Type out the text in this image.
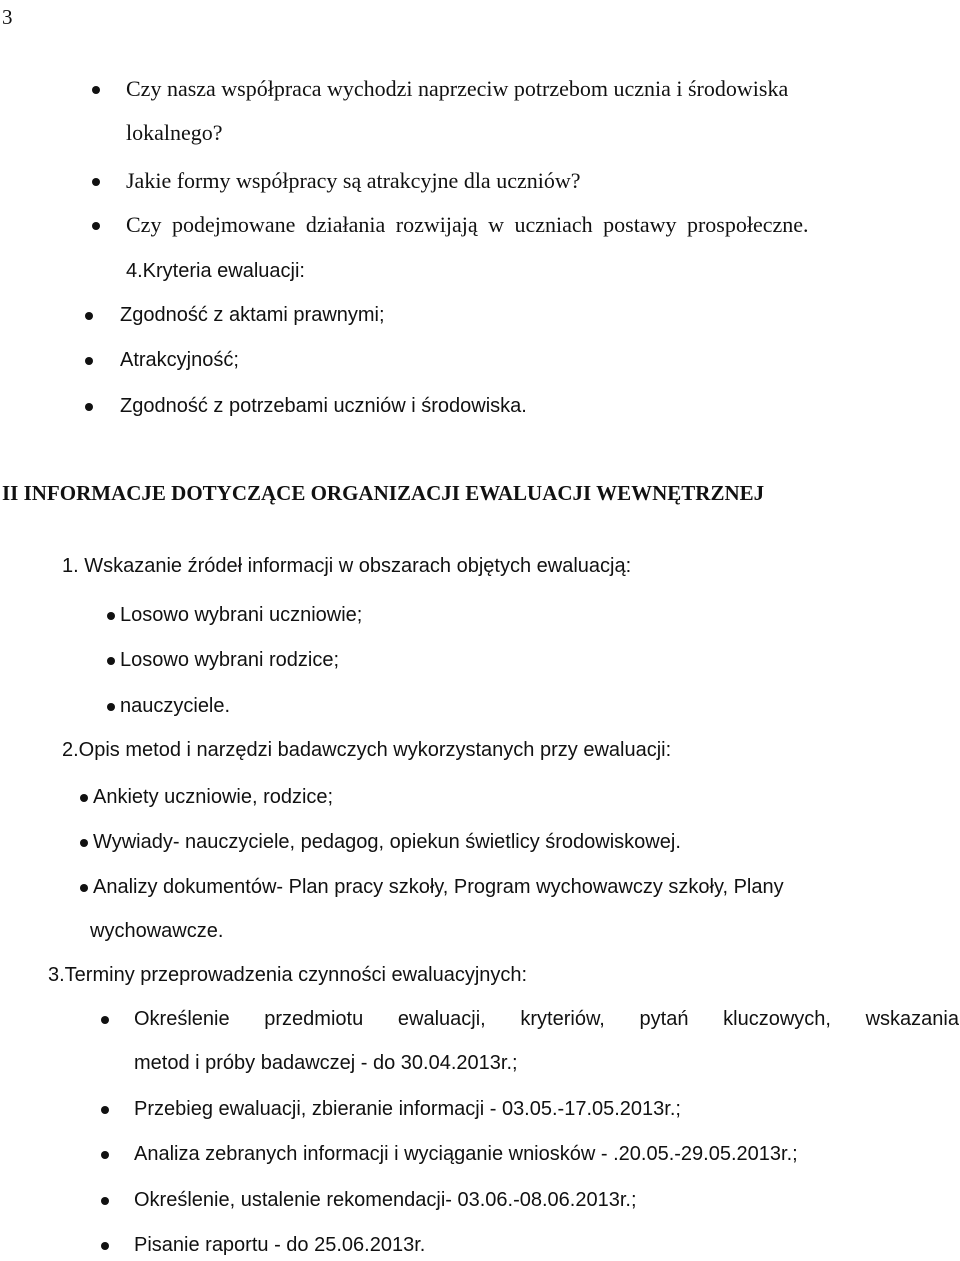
3
Czy nasza współpraca wychodzi naprzeciw potrzebom ucznia i środowiska
lokalnego?
Jakie formy współpracy są atrakcyjne dla uczniów?
Czy podejmowane działania rozwijają w uczniach postawy prospołeczne.
4.Kryteria ewaluacji:
Zgodność z aktami prawnymi;
Atrakcyjność;
Zgodność z potrzebami uczniów i środowiska.
II INFORMACJE DOTYCZĄCE ORGANIZACJI EWALUACJI WEWNĘTRZNEJ
1. Wskazanie źródeł informacji w obszarach objętych ewaluacją:
Losowo wybrani uczniowie;
Losowo wybrani rodzice;
nauczyciele.
2.Opis metod i narzędzi badawczych wykorzystanych przy ewaluacji:
Ankiety uczniowie, rodzice;
Wywiady- nauczyciele, pedagog, opiekun świetlicy środowiskowej.
Analizy dokumentów- Plan pracy szkoły, Program wychowawczy szkoły, Plany
wychowawcze.
3.Terminy przeprowadzenia czynności ewaluacyjnych:
Określenie przedmiotu ewaluacji, kryteriów, pytań kluczowych, wskazania
metod i próby badawczej - do 30.04.2013r.;
Przebieg ewaluacji, zbieranie informacji - 03.05.-17.05.2013r.;
Analiza zebranych informacji i wyciąganie wniosków - .20.05.-29.05.2013r.;
Określenie, ustalenie rekomendacji- 03.06.-08.06.2013r.;
Pisanie raportu - do 25.06.2013r.
